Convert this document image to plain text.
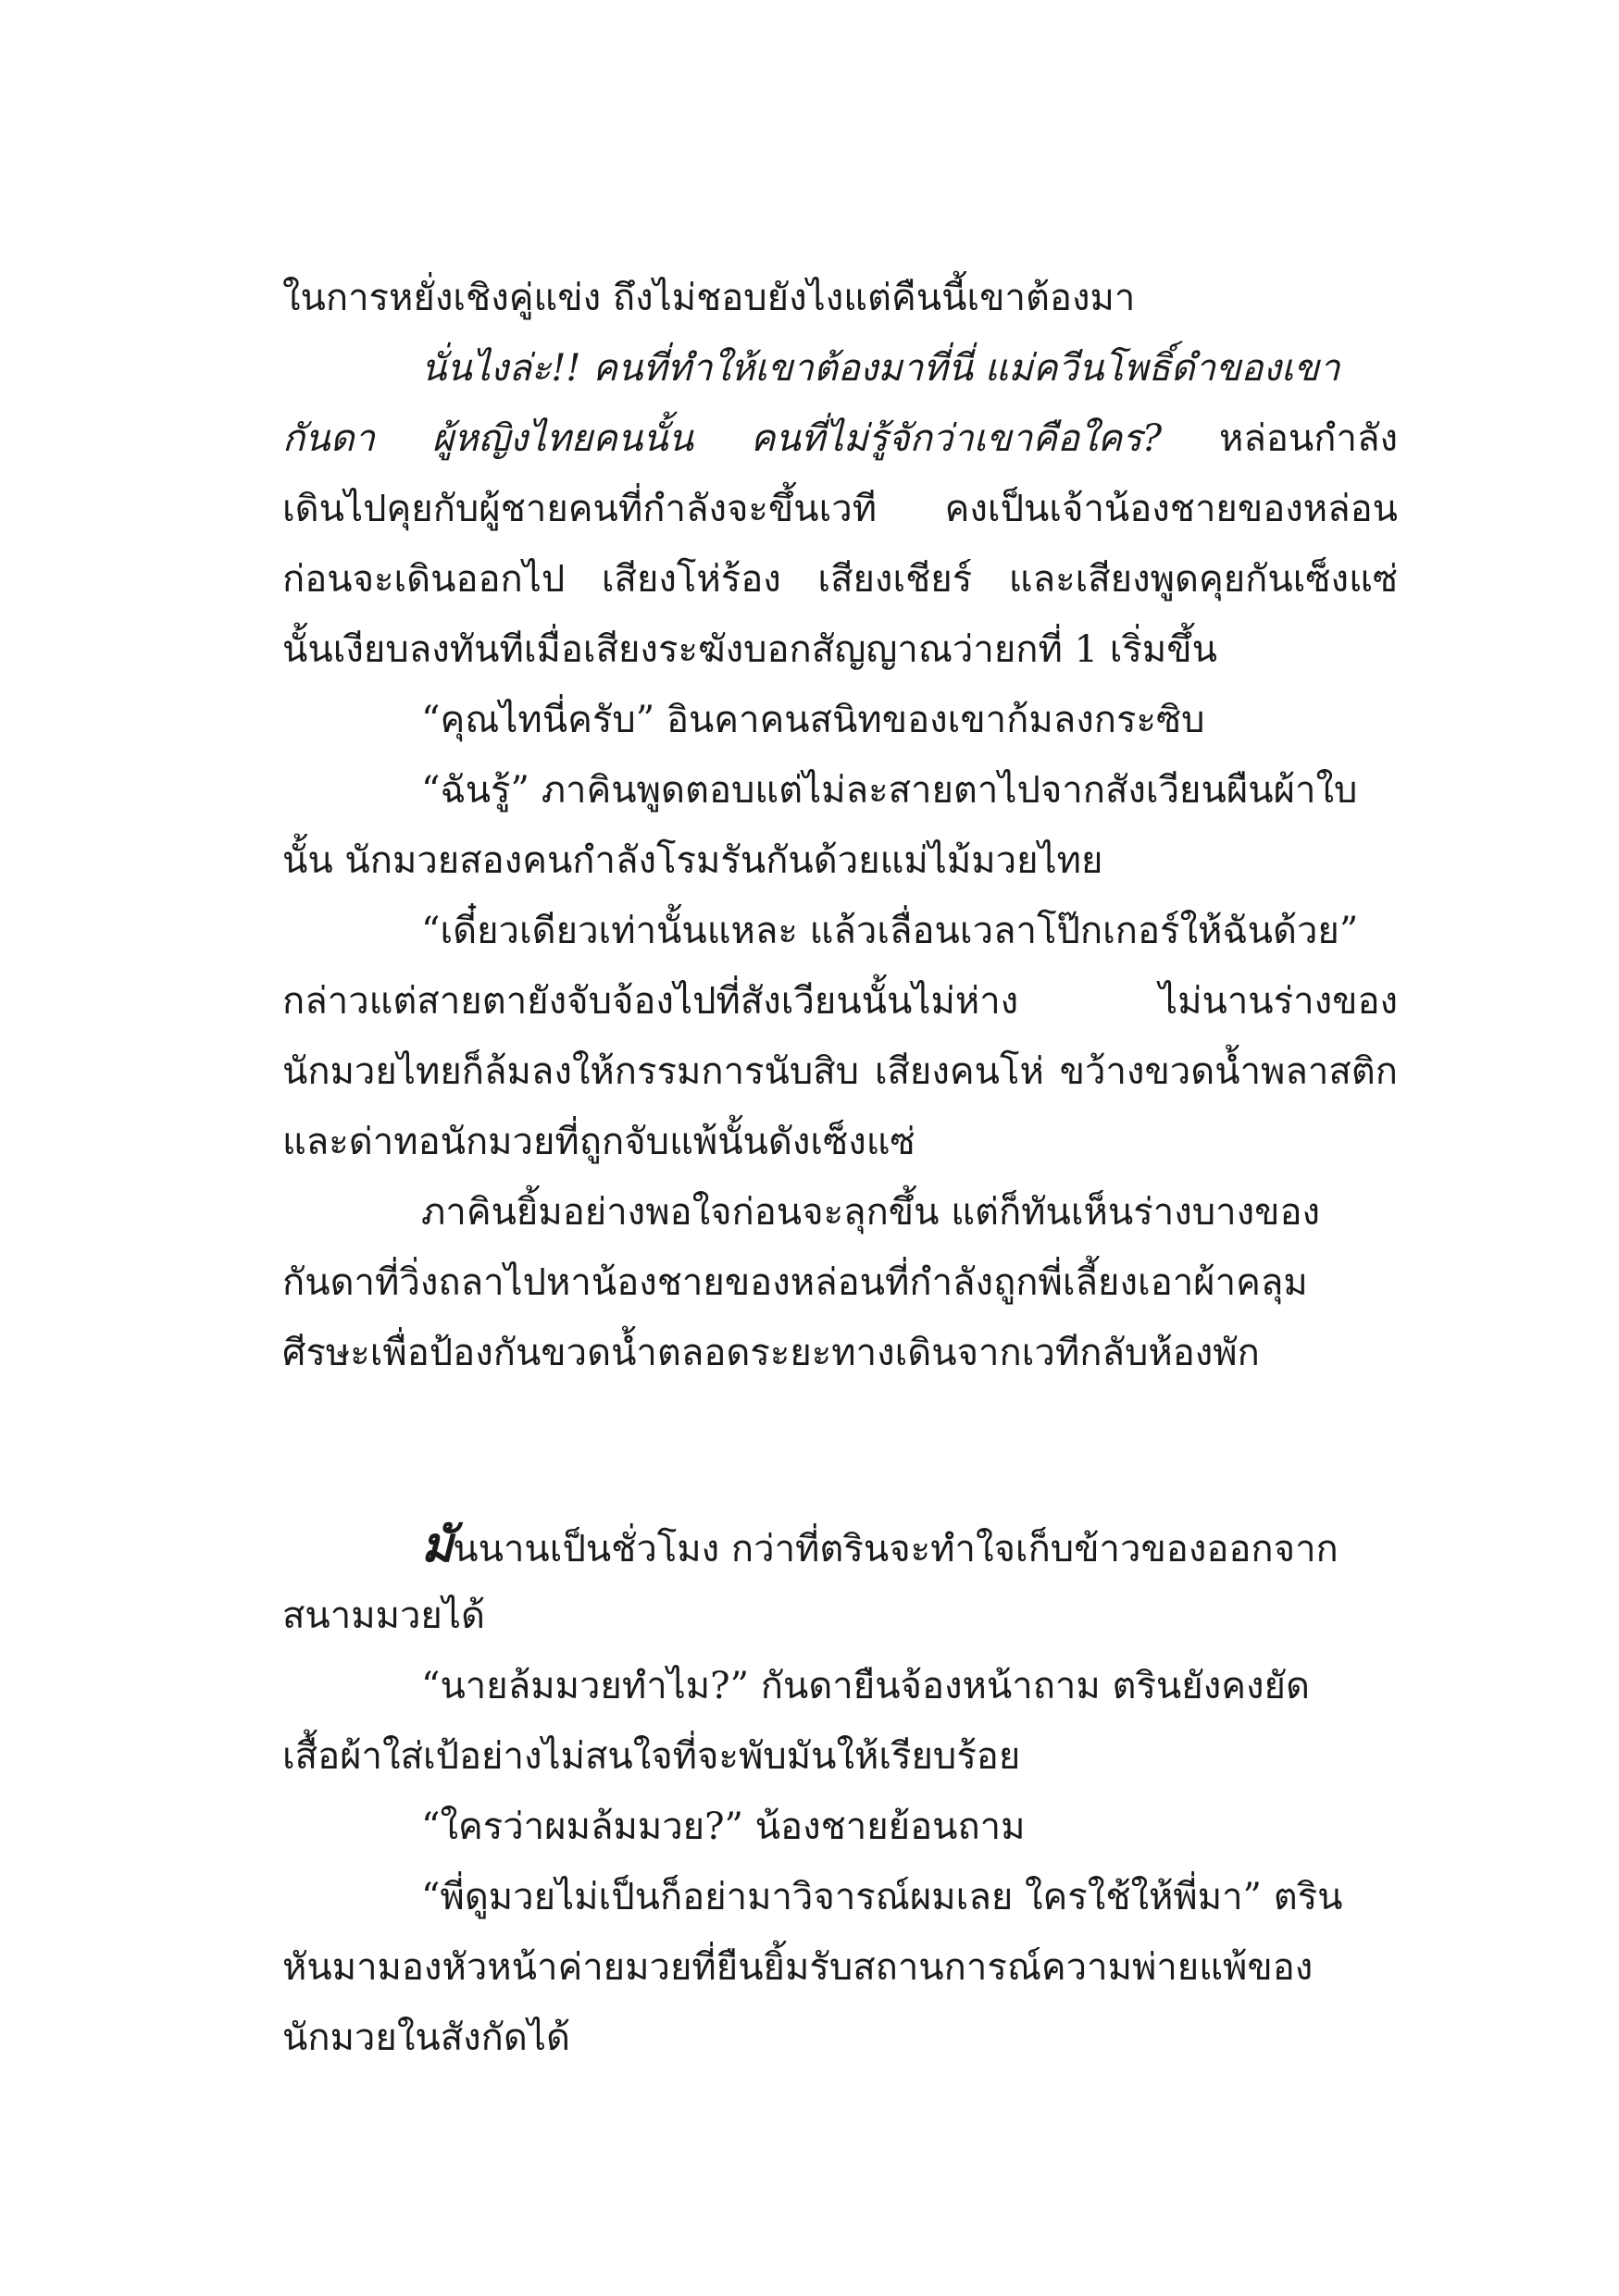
ในการหยั่งเชิงคู่แข่ง ถึงไม่ชอบยังไงแต่คืนนี้เขาต้องมา
นั่นไงล่ะ!! คนที่ทำให้เขาต้องมาที่นี่ แม่ควีนโพธิ์ดำของเขา
กันดา ผู้หญิงไทยคนนั้น คนที่ไม่รู้จักว่าเขาคือใคร? หล่อนกำลัง
เดินไปคุยกับผู้ชายคนที่กำลังจะขึ้นเวที คงเป็นเจ้าน้องชายของหล่อน
ก่อนจะเดินออกไป เสียงโห่ร้อง เสียงเชียร์ และเสียงพูดคุยกันเซ็งแซ่
นั้นเงียบลงทันทีเมื่อเสียงระฆังบอกสัญญาณว่ายกที่ 1 เริ่มขึ้น
“คุณไทนี่ครับ” อินคาคนสนิทของเขาก้มลงกระซิบ
“ฉันรู้” ภาคินพูดตอบแต่ไม่ละสายตาไปจากสังเวียนผืนผ้าใบ
นั้น นักมวยสองคนกำลังโรมรันกันด้วยแม่ไม้มวยไทย
“เดี๋ยวเดียวเท่านั้นแหละ แล้วเลื่อนเวลาโป๊กเกอร์ให้ฉันด้วย”
กล่าวแต่สายตายังจับจ้องไปที่สังเวียนนั้นไม่ห่าง ไม่นานร่างของ
นักมวยไทยก็ล้มลงให้กรรมการนับสิบ เสียงคนโห่ ขว้างขวดน้ำพลาสติก
และด่าทอนักมวยที่ถูกจับแพ้นั้นดังเซ็งแซ่
ภาคินยิ้มอย่างพอใจก่อนจะลุกขึ้น แต่ก็ทันเห็นร่างบางของ
กันดาที่วิ่งถลาไปหาน้องชายของหล่อนที่กำลังถูกพี่เลี้ยงเอาผ้าคลุม
ศีรษะเพื่อป้องกันขวดน้ำตลอดระยะทางเดินจากเวทีกลับห้องพัก
มันนานเป็นชั่วโมง กว่าที่ตรินจะทำใจเก็บข้าวของออกจาก
สนามมวยได้
“นายล้มมวยทำไม?” กันดายืนจ้องหน้าถาม ตรินยังคงยัด
เสื้อผ้าใส่เป้อย่างไม่สนใจที่จะพับมันให้เรียบร้อย
“ใครว่าผมล้มมวย?” น้องชายย้อนถาม
“พี่ดูมวยไม่เป็นก็อย่ามาวิจารณ์ผมเลย ใครใช้ให้พี่มา” ตริน
หันมามองหัวหน้าค่ายมวยที่ยืนยิ้มรับสถานการณ์ความพ่ายแพ้ของ
นักมวยในสังกัดได้
